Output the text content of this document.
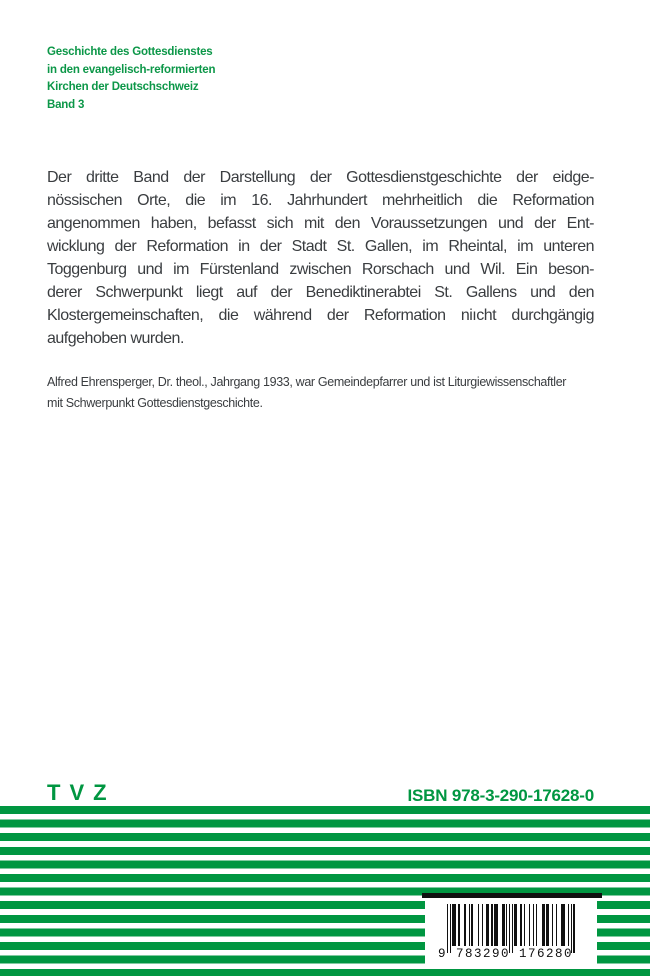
Geschichte des Gottesdienstes
in den evangelisch-reformierten
Kirchen der Deutschschweiz
Band 3
Der dritte Band der Darstellung der Gottesdienstgeschichte der eidge-
nössischen Orte, die im 16. Jahrhundert mehrheitlich die Reformation
angenommen haben, befasst sich mit den Voraussetzungen und der Ent-
wicklung der Reformation in der Stadt St. Gallen, im Rheintal, im unteren
Toggenburg und im Fürstenland zwischen Rorschach und Wil. Ein beson-
derer Schwerpunkt liegt auf der Benediktinerabtei St. Gallens und den
Klostergemeinschaften, die während der Reformation niıcht durchgängig
aufgehoben wurden.
Alfred Ehrensperger, Dr. theol., Jahrgang 1933, war Gemeindepfarrer und ist Liturgiewissenschaftler
mit Schwerpunkt Gottesdienstgeschichte.
TVZ	ISBN 978-3-290-17628-0
9 783290 176280
